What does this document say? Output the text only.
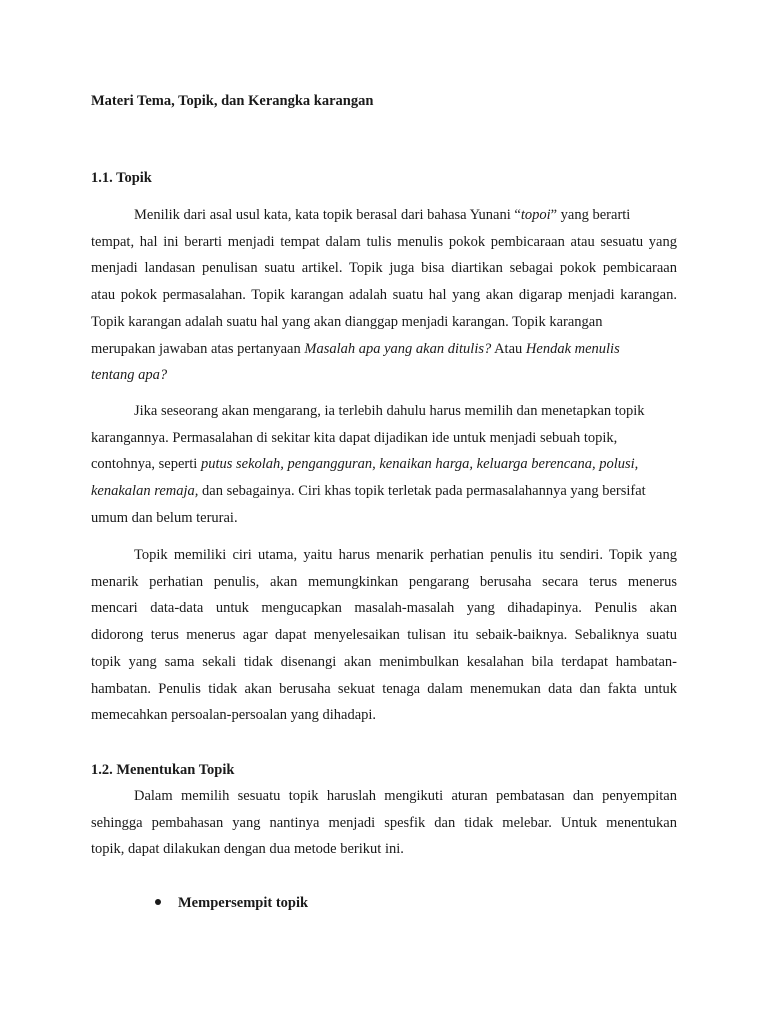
Materi Tema, Topik, dan Kerangka karangan
1.1. Topik

Menilik dari asal usul kata, kata topik berasal dari bahasa Yunani “topoi” yang berarti
tempat, hal ini berarti menjadi tempat dalam tulis menulis pokok pembicaraan atau sesuatu yang
menjadi landasan penulisan suatu artikel. Topik juga bisa diartikan sebagai pokok pembicaraan
atau pokok permasalahan. Topik karangan adalah suatu hal yang akan digarap menjadi karangan.
Topik karangan adalah suatu hal yang akan dianggap menjadi karangan. Topik karangan
merupakan jawaban atas pertanyaan Masalah apa yang akan ditulis? Atau Hendak menulis
tentang apa?

Jika seseorang akan mengarang, ia terlebih dahulu harus memilih dan menetapkan topik
karangannya. Permasalahan di sekitar kita dapat dijadikan ide untuk menjadi sebuah topik,
contohnya, seperti putus sekolah, pengangguran, kenaikan harga, keluarga berencana, polusi,
kenakalan remaja, dan sebagainya. Ciri khas topik terletak pada permasalahannya yang bersifat
umum dan belum terurai.

Topik memiliki ciri utama, yaitu harus menarik perhatian penulis itu sendiri. Topik yang
menarik perhatian penulis, akan memungkinkan pengarang berusaha secara terus menerus
mencari data-data untuk mengucapkan masalah-masalah yang dihadapinya. Penulis akan
didorong terus menerus agar dapat menyelesaikan tulisan itu sebaik-baiknya. Sebaliknya suatu
topik yang sama sekali tidak disenangi akan menimbulkan kesalahan bila terdapat hambatan-
hambatan. Penulis tidak akan berusaha sekuat tenaga dalam menemukan data dan fakta untuk
memecahkan persoalan-persoalan yang dihadapi.

1.2. Menentukan Topik

Dalam memilih sesuatu topik haruslah mengikuti aturan pembatasan dan penyempitan
sehingga pembahasan yang nantinya menjadi spesfik dan tidak melebar. Untuk menentukan
topik, dapat dilakukan dengan dua metode berikut ini.

Mempersempit topik
